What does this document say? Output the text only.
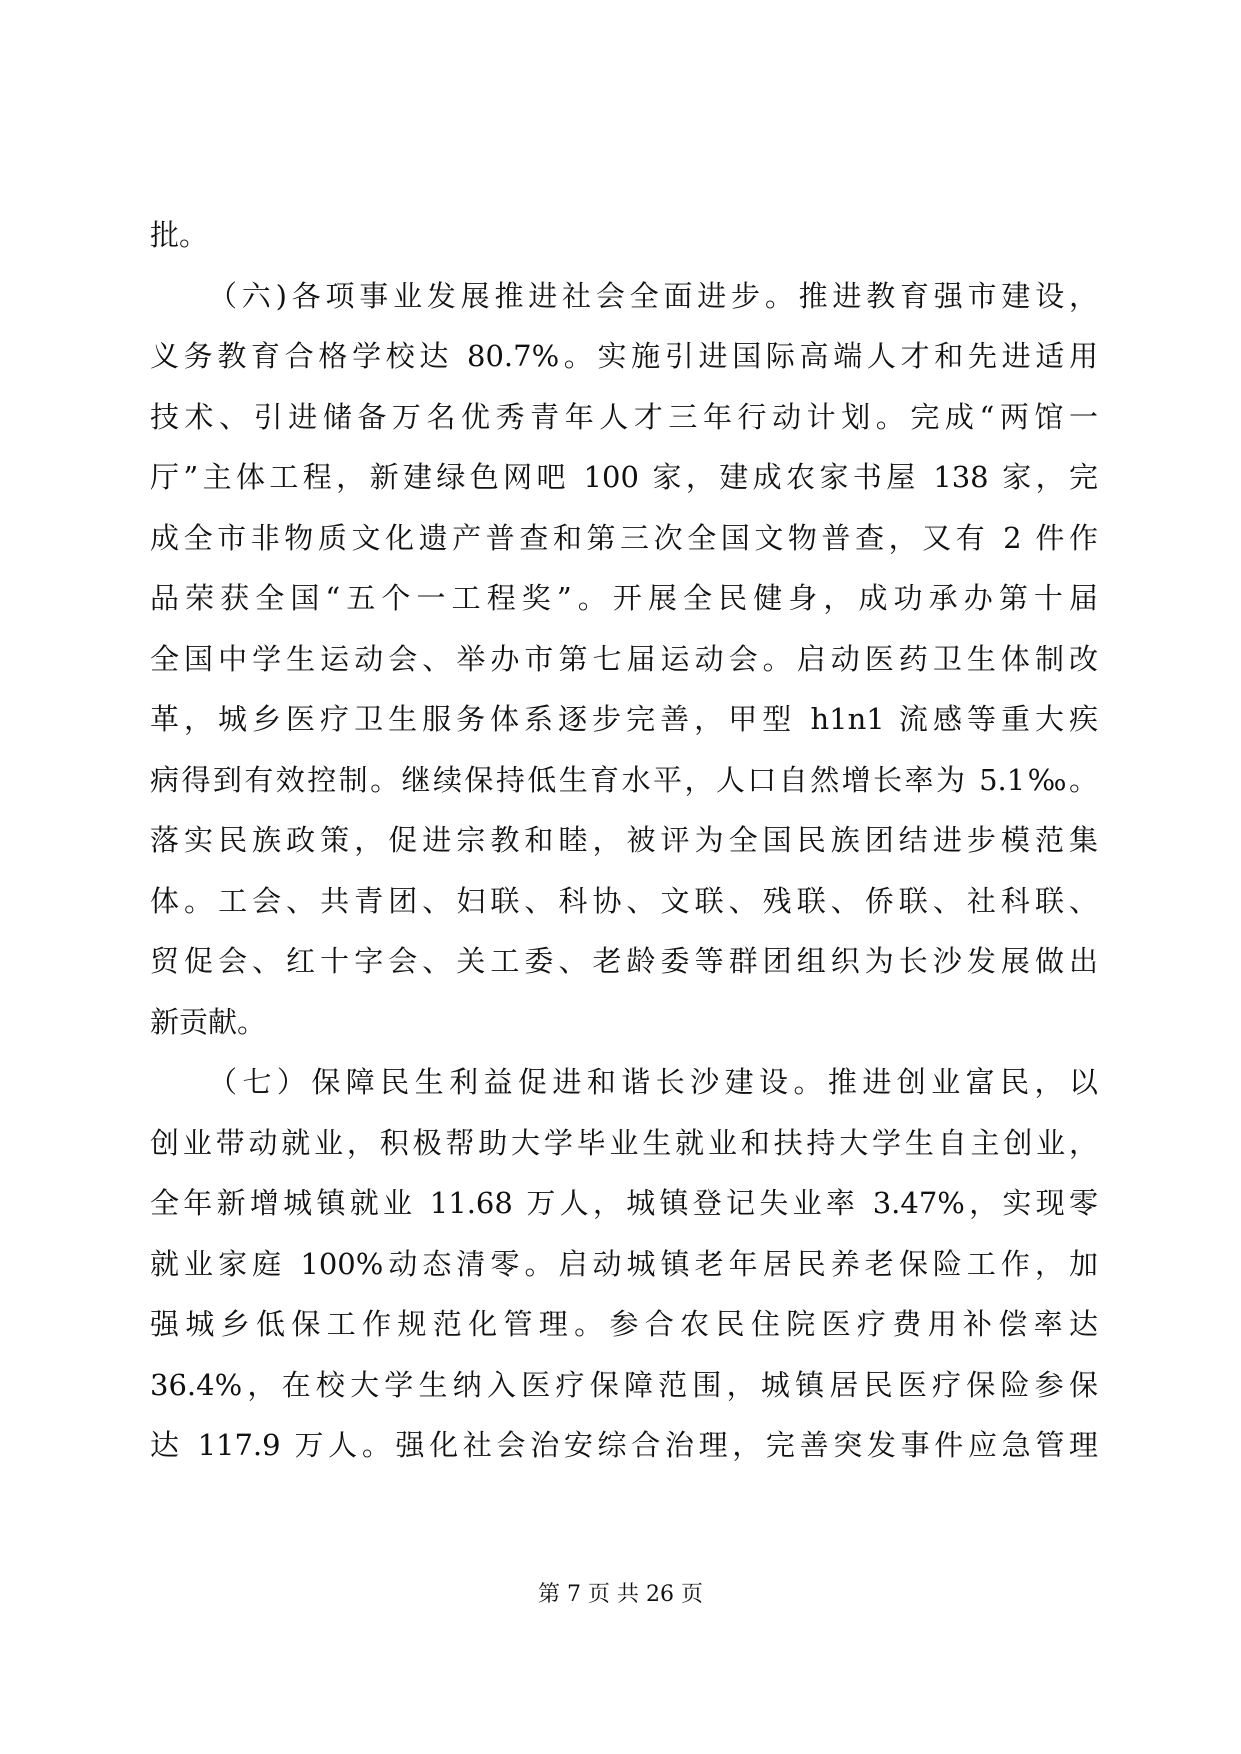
批。
（六)各项事业发展推进社会全面进步。推进教育强市建设，
义务教育合格学校达 80.7%。实施引进国际高端人才和先进适用
技术、引进储备万名优秀青年人才三年行动计划。完成“两馆一
厅”主体工程，新建绿色网吧 100 家，建成农家书屋 138 家，完
成全市非物质文化遗产普查和第三次全国文物普查，又有 2 件作
品荣获全国“五个一工程奖”。开展全民健身，成功承办第十届
全国中学生运动会、举办市第七届运动会。启动医药卫生体制改
革，城乡医疗卫生服务体系逐步完善，甲型 h1n1 流感等重大疾
病得到有效控制。继续保持低生育水平，人口自然增长率为 5.1‰。
落实民族政策，促进宗教和睦，被评为全国民族团结进步模范集
体。工会、共青团、妇联、科协、文联、残联、侨联、社科联、
贸促会、红十字会、关工委、老龄委等群团组织为长沙发展做出
新贡献。
（七）保障民生利益促进和谐长沙建设。推进创业富民，以
创业带动就业，积极帮助大学毕业生就业和扶持大学生自主创业，
全年新增城镇就业 11.68 万人，城镇登记失业率 3.47%，实现零
就业家庭 100%动态清零。启动城镇老年居民养老保险工作，加
强城乡低保工作规范化管理。参合农民住院医疗费用补偿率达
36.4%，在校大学生纳入医疗保障范围，城镇居民医疗保险参保
达 117.9 万人。强化社会治安综合治理，完善突发事件应急管理
第 7 页 共 26 页
